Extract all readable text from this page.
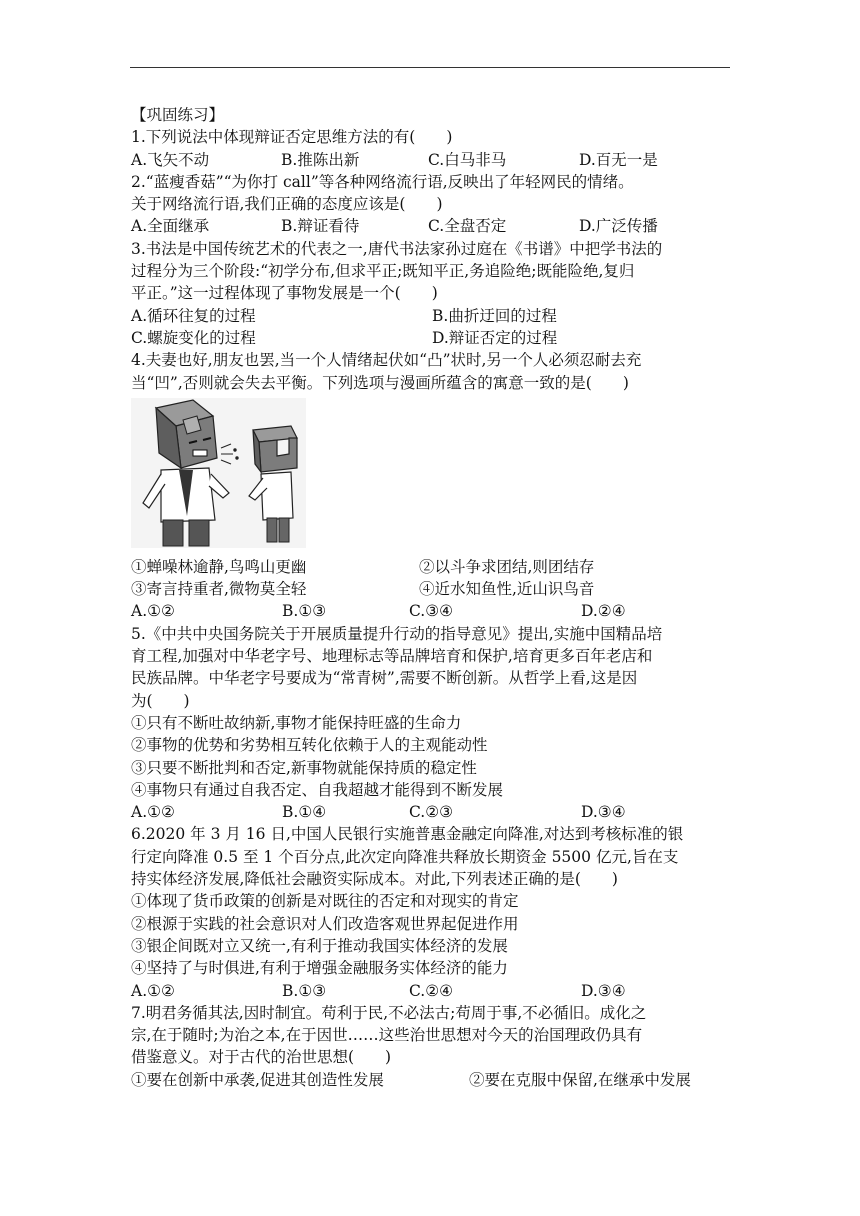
【巩固练习】
1.下列说法中体现辩证否定思维方法的有(　　)
A.飞矢不动	B.推陈出新	C.白马非马	D.百无一是
2.“蓝瘦香菇”“为你打 call”等各种网络流行语,反映出了年轻网民的情绪。
关于网络流行语,我们正确的态度应该是(　　)
A.全面继承	B.辩证看待	C.全盘否定	D.广泛传播
3.书法是中国传统艺术的代表之一,唐代书法家孙过庭在《书谱》中把学书法的
过程分为三个阶段:“初学分布,但求平正;既知平正,务追险绝;既能险绝,复归
平正。”这一过程体现了事物发展是一个(　　)
A.循环往复的过程	B.曲折迂回的过程
C.螺旋变化的过程	D.辩证否定的过程
4.夫妻也好,朋友也罢,当一个人情绪起伏如“凸”状时,另一个人必须忍耐去充
当“凹”,否则就会失去平衡。下列选项与漫画所蕴含的寓意一致的是(　　)
①蝉噪林逾静,鸟鸣山更幽	②以斗争求团结,则团结存
③寄言持重者,微物莫全轻	④近水知鱼性,近山识鸟音
A.①②	B.①③	C.③④	D.②④
5.《中共中央国务院关于开展质量提升行动的指导意见》提出,实施中国精品培
育工程,加强对中华老字号、地理标志等品牌培育和保护,培育更多百年老店和
民族品牌。中华老字号要成为“常青树”,需要不断创新。从哲学上看,这是因
为(　　)
①只有不断吐故纳新,事物才能保持旺盛的生命力
②事物的优势和劣势相互转化依赖于人的主观能动性
③只要不断批判和否定,新事物就能保持质的稳定性
④事物只有通过自我否定、自我超越才能得到不断发展
A.①②	B.①④	C.②③	D.③④
6.2020 年 3 月 16 日,中国人民银行实施普惠金融定向降准,对达到考核标准的银
行定向降准 0.5 至 1 个百分点,此次定向降准共释放长期资金 5500 亿元,旨在支
持实体经济发展,降低社会融资实际成本。对此,下列表述正确的是(　　)
①体现了货币政策的创新是对既往的否定和对现实的肯定
②根源于实践的社会意识对人们改造客观世界起促进作用
③银企间既对立又统一,有利于推动我国实体经济的发展
④坚持了与时俱进,有利于增强金融服务实体经济的能力
A.①②	B.①③	C.②④	D.③④
7.明君务循其法,因时制宜。苟利于民,不必法古;苟周于事,不必循旧。成化之
宗,在于随时;为治之本,在于因世……这些治世思想对今天的治国理政仍具有
借鉴意义。对于古代的治世思想(　　)
①要在创新中承袭,促进其创造性发展	②要在克服中保留,在继承中发展
